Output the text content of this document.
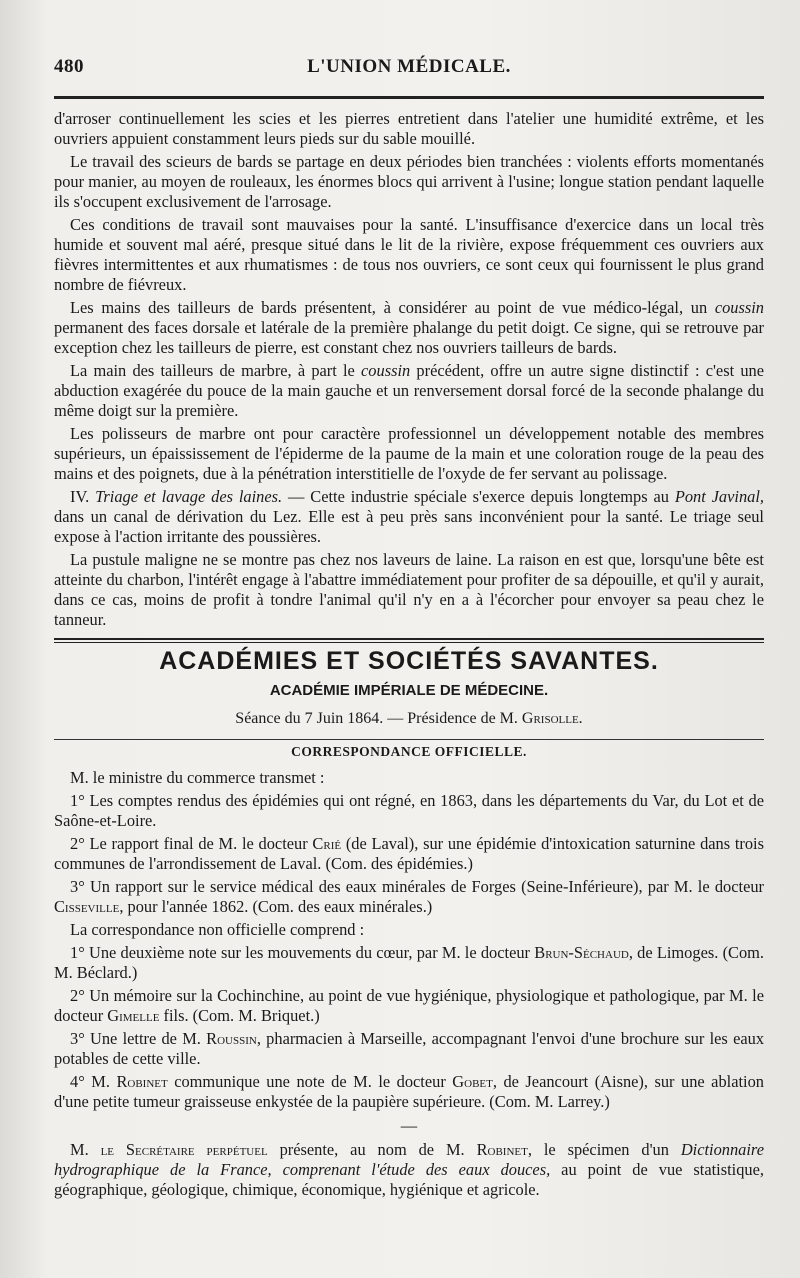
480	L'UNION MÉDICALE.

d'arroser continuellement les scies et les pierres entretient dans l'atelier une humidité extrême, et les ouvriers appuient constamment leurs pieds sur du sable mouillé.

Le travail des scieurs de bards se partage en deux périodes bien tranchées : violents efforts momentanés pour manier, au moyen de rouleaux, les énormes blocs qui arrivent à l'usine; longue station pendant laquelle ils s'occupent exclusivement de l'arrosage.

Ces conditions de travail sont mauvaises pour la santé. L'insuffisance d'exercice dans un local très humide et souvent mal aéré, presque situé dans le lit de la rivière, expose fréquemment ces ouvriers aux fièvres intermittentes et aux rhumatismes : de tous nos ouvriers, ce sont ceux qui fournissent le plus grand nombre de fiévreux.

Les mains des tailleurs de bards présentent, à considérer au point de vue médico-légal, un coussin permanent des faces dorsale et latérale de la première phalange du petit doigt. Ce signe, qui se retrouve par exception chez les tailleurs de pierre, est constant chez nos ouvriers tailleurs de bards.

La main des tailleurs de marbre, à part le coussin précédent, offre un autre signe distinctif : c'est une abduction exagérée du pouce de la main gauche et un renversement dorsal forcé de la seconde phalange du même doigt sur la première.

Les polisseurs de marbre ont pour caractère professionnel un développement notable des membres supérieurs, un épaississement de l'épiderme de la paume de la main et une coloration rouge de la peau des mains et des poignets, due à la pénétration interstitielle de l'oxyde de fer servant au polissage.

IV. Triage et lavage des laines. — Cette industrie spéciale s'exerce depuis longtemps au Pont Javinal, dans un canal de dérivation du Lez. Elle est à peu près sans inconvénient pour la santé. Le triage seul expose à l'action irritante des poussières.

La pustule maligne ne se montre pas chez nos laveurs de laine. La raison en est que, lorsqu'une bête est atteinte du charbon, l'intérêt engage à l'abattre immédiatement pour profiter de sa dépouille, et qu'il y aurait, dans ce cas, moins de profit à tondre l'animal qu'il n'y en a à l'écorcher pour envoyer sa peau chez le tanneur.

ACADÉMIES ET SOCIÉTÉS SAVANTES.
ACADÉMIE IMPÉRIALE DE MÉDECINE.
Séance du 7 Juin 1864. — Présidence de M. Grisolle.
CORRESPONDANCE OFFICIELLE.

M. le ministre du commerce transmet :

1° Les comptes rendus des épidémies qui ont régné, en 1863, dans les départements du Var, du Lot et de Saône-et-Loire.

2° Le rapport final de M. le docteur Crié (de Laval), sur une épidémie d'intoxication saturnine dans trois communes de l'arrondissement de Laval. (Com. des épidémies.)

3° Un rapport sur le service médical des eaux minérales de Forges (Seine-Inférieure), par M. le docteur Cisseville, pour l'année 1862. (Com. des eaux minérales.)

La correspondance non officielle comprend :

1° Une deuxième note sur les mouvements du cœur, par M. le docteur Brun-Séchaud, de Limoges. (Com. M. Béclard.)

2° Un mémoire sur la Cochinchine, au point de vue hygiénique, physiologique et pathologique, par M. le docteur Gimelle fils. (Com. M. Briquet.)

3° Une lettre de M. Roussin, pharmacien à Marseille, accompagnant l'envoi d'une brochure sur les eaux potables de cette ville.

4° M. Robinet communique une note de M. le docteur Gobet, de Jeancourt (Aisne), sur une ablation d'une petite tumeur graisseuse enkystée de la paupière supérieure. (Com. M. Larrey.)

—

M. le Secrétaire perpétuel présente, au nom de M. Robinet, le spécimen d'un Dictionnaire hydrographique de la France, comprenant l'étude des eaux douces, au point de vue statistique, géographique, géologique, chimique, économique, hygiénique et agricole.
